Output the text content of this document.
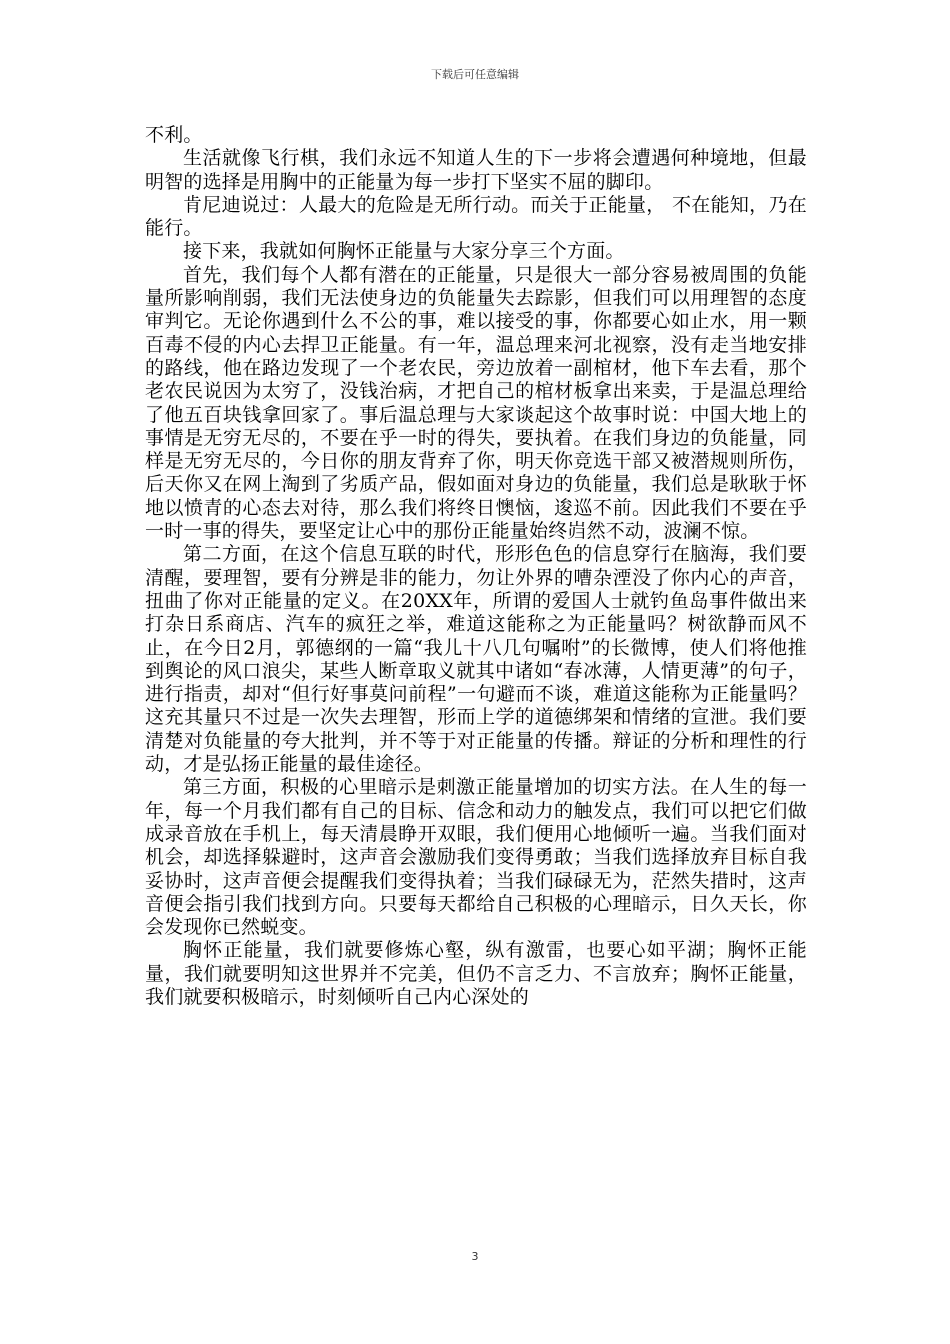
下载后可任意编辑

不利。

生活就像飞行棋，我们永远不知道人生的下一步将会遭遇何种境地，但最明智的选择是用胸中的正能量为每一步打下坚实不屈的脚印。

肯尼迪说过：人最大的危险是无所行动。而关于正能量， 不在能知，乃在能行。

接下来，我就如何胸怀正能量与大家分享三个方面。

首先，我们每个人都有潜在的正能量，只是很大一部分容易被周围的负能量所影响削弱，我们无法使身边的负能量失去踪影，但我们可以用理智的态度审判它。无论你遇到什么不公的事，难以接受的事，你都要心如止水，用一颗百毒不侵的内心去捍卫正能量。有一年，温总理来河北视察，没有走当地安排的路线，他在路边发现了一个老农民，旁边放着一副棺材，他下车去看，那个老农民说因为太穷了，没钱治病，才把自己的棺材板拿出来卖，于是温总理给了他五百块钱拿回家了。事后温总理与大家谈起这个故事时说：中国大地上的事情是无穷无尽的，不要在乎一时的得失，要执着。在我们身边的负能量，同样是无穷无尽的，今日你的朋友背弃了你，明天你竞选干部又被潜规则所伤，后天你又在网上淘到了劣质产品，假如面对身边的负能量，我们总是耿耿于怀地以愤青的心态去对待，那么我们将终日懊恼，逡巡不前。因此我们不要在乎一时一事的得失，要坚定让心中的那份正能量始终岿然不动，波澜不惊。

第二方面，在这个信息互联的时代，形形色色的信息穿行在脑海，我们要清醒，要理智，要有分辨是非的能力，勿让外界的嘈杂湮没了你内心的声音，扭曲了你对正能量的定义。在20XX年，所谓的爱国人士就钓鱼岛事件做出来打杂日系商店、汽车的疯狂之举，难道这能称之为正能量吗？树欲静而风不止，在今日2月，郭德纲的一篇“我儿十八几句嘱咐”的长微博，使人们将他推到舆论的风口浪尖，某些人断章取义就其中诸如“春冰薄，人情更薄”的句子，进行指责，却对“但行好事莫问前程”一句避而不谈，难道这能称为正能量吗？这充其量只不过是一次失去理智，形而上学的道德绑架和情绪的宣泄。我们要清楚对负能量的夸大批判，并不等于对正能量的传播。辩证的分析和理性的行动，才是弘扬正能量的最佳途径。

第三方面，积极的心里暗示是刺激正能量增加的切实方法。在人生的每一年，每一个月我们都有自己的目标、信念和动力的触发点，我们可以把它们做成录音放在手机上，每天清晨睁开双眼，我们便用心地倾听一遍。当我们面对机会，却选择躲避时，这声音会激励我们变得勇敢；当我们选择放弃目标自我妥协时，这声音便会提醒我们变得执着；当我们碌碌无为，茫然失措时，这声音便会指引我们找到方向。只要每天都给自己积极的心理暗示，日久天长，你会发现你已然蜕变。

胸怀正能量，我们就要修炼心壑，纵有激雷，也要心如平湖；胸怀正能量，我们就要明知这世界并不完美，但仍不言乏力、不言放弃；胸怀正能量，我们就要积极暗示，时刻倾听自己内心深处的

3
